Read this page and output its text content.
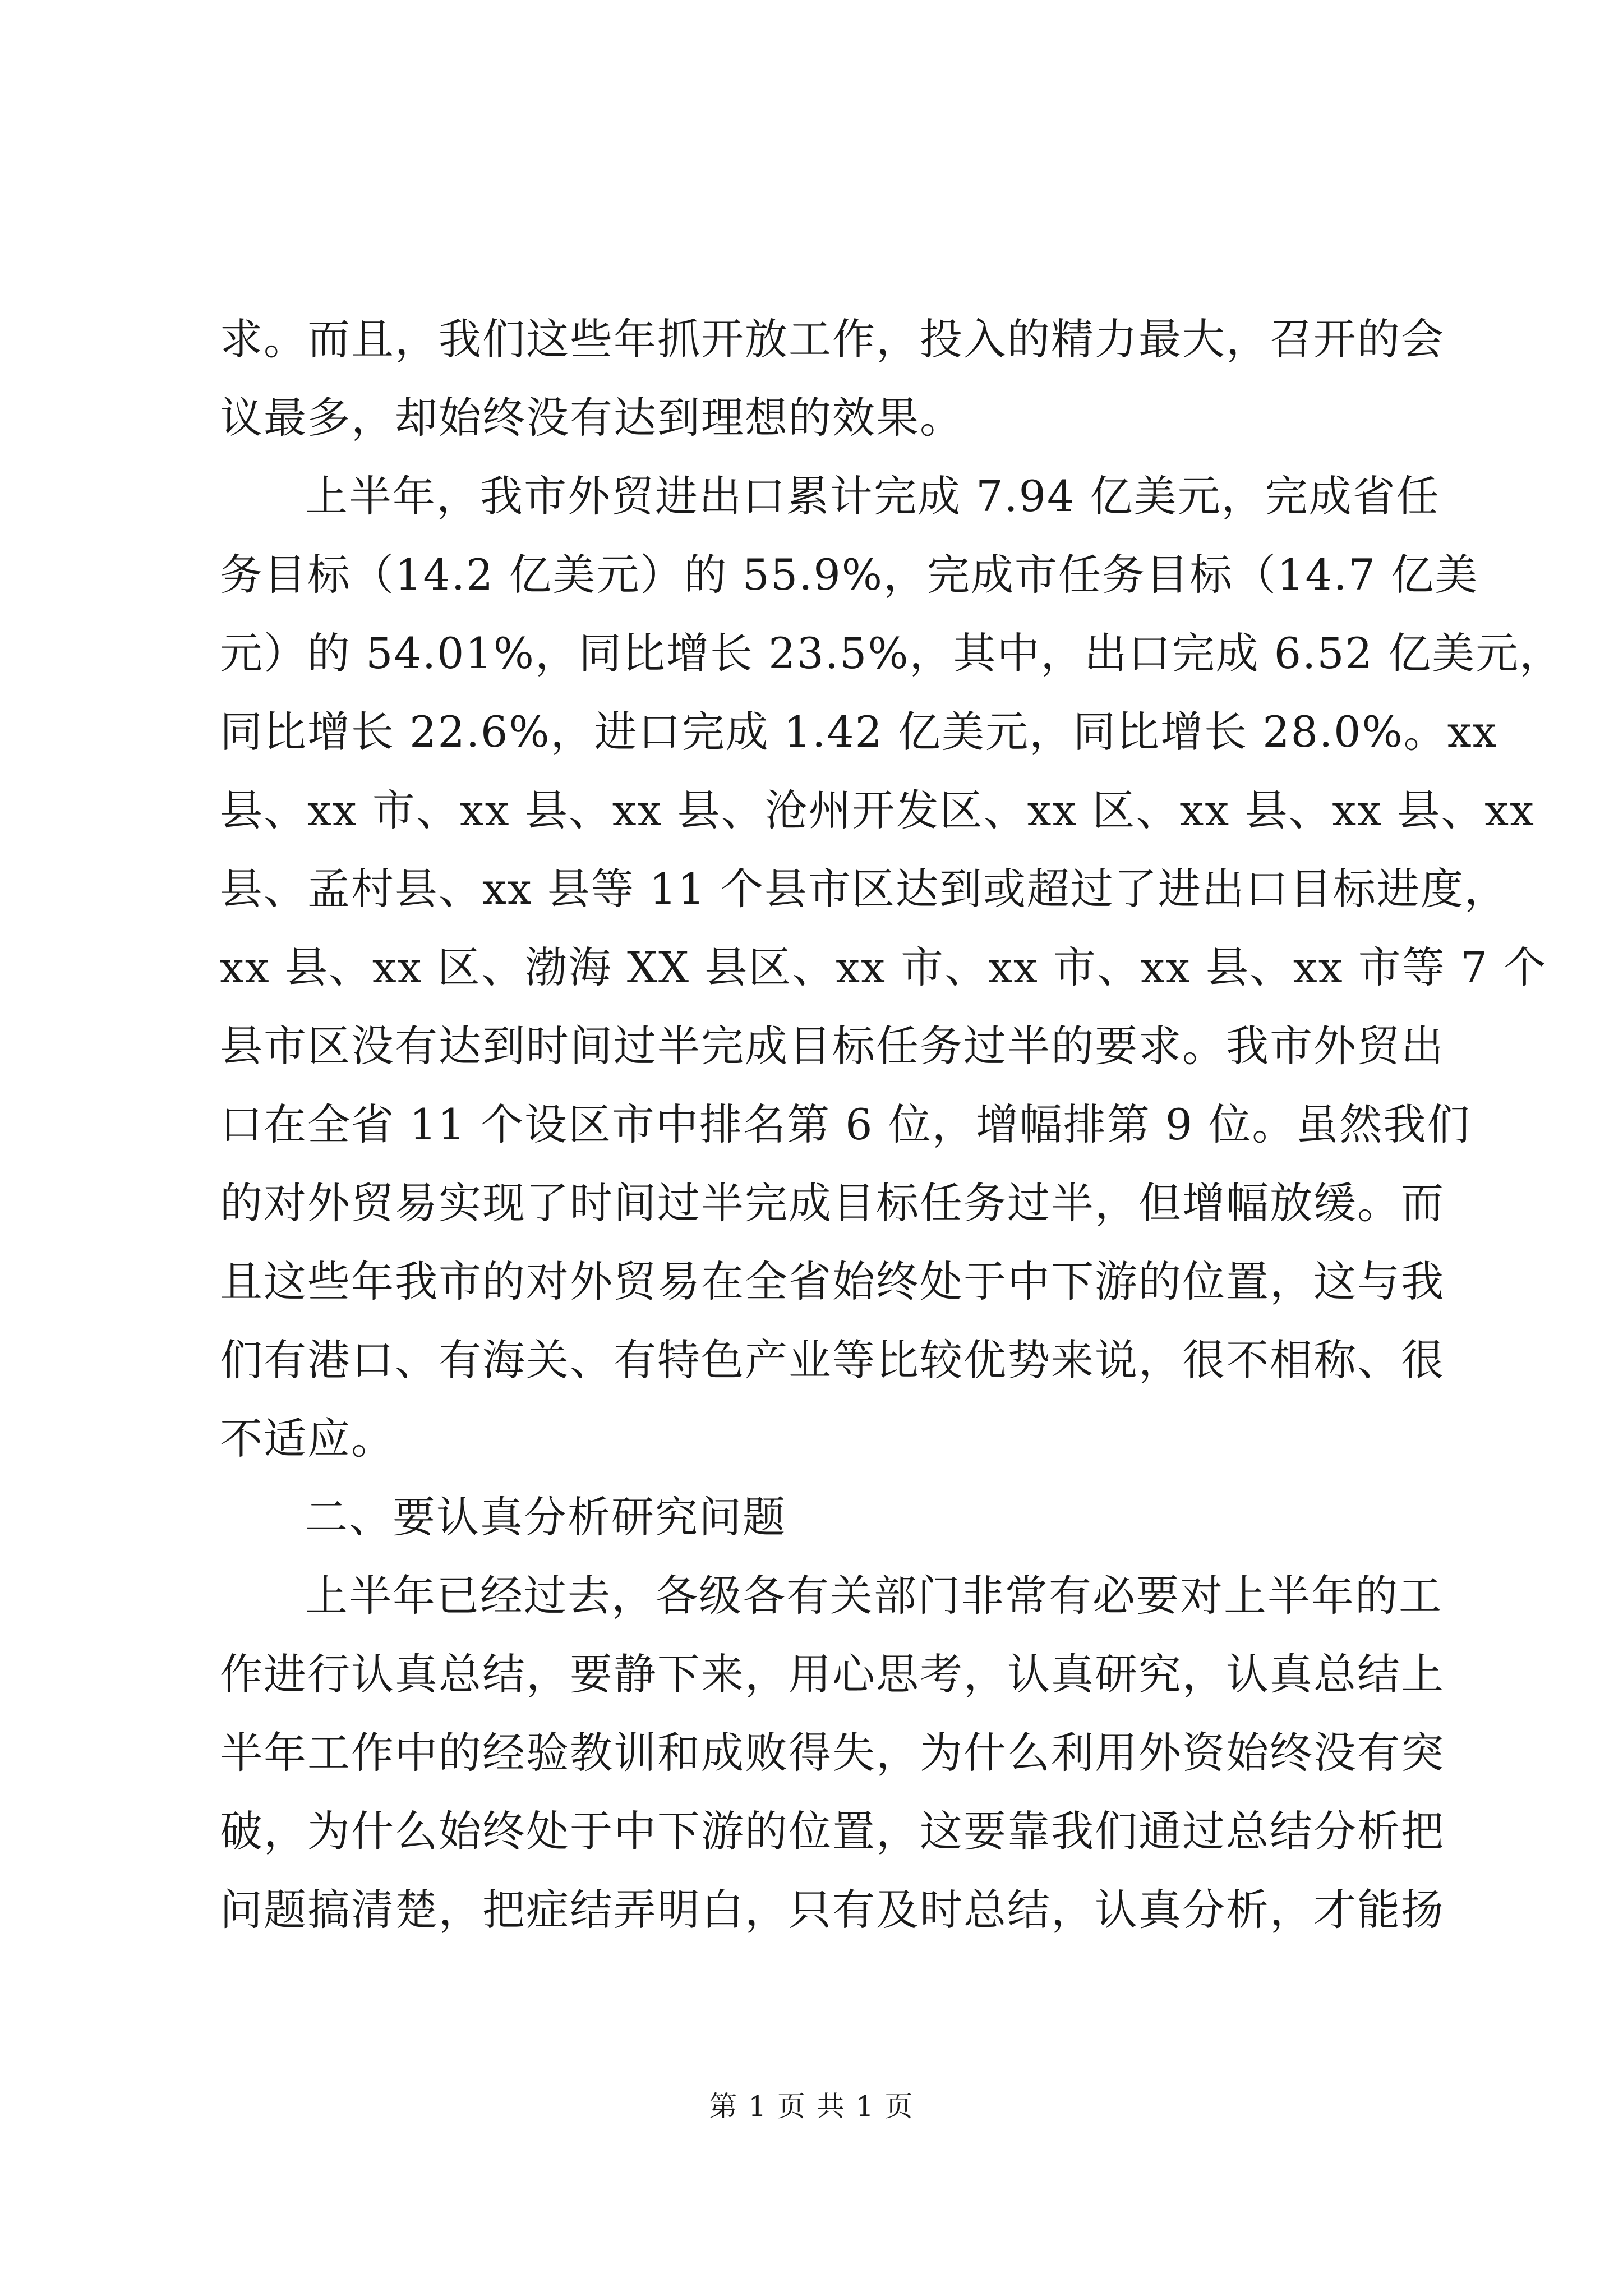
求。而且，我们这些年抓开放工作，投入的精力最大，召开的会
议最多，却始终没有达到理想的效果。
上半年，我市外贸进出口累计完成 7.94 亿美元，完成省任
务目标（14.2 亿美元）的 55.9%，完成市任务目标（14.7 亿美
元）的 54.01%，同比增长 23.5%，其中，出口完成 6.52 亿美元，
同比增长 22.6%，进口完成 1.42 亿美元，同比增长 28.0%。xx
县、xx 市、xx 县、xx 县、沧州开发区、xx 区、xx 县、xx 县、xx
县、孟村县、xx 县等 11 个县市区达到或超过了进出口目标进度，
xx 县、xx 区、渤海 XX 县区、xx 市、xx 市、xx 县、xx 市等 7 个
县市区没有达到时间过半完成目标任务过半的要求。我市外贸出
口在全省 11 个设区市中排名第 6 位，增幅排第 9 位。虽然我们
的对外贸易实现了时间过半完成目标任务过半，但增幅放缓。而
且这些年我市的对外贸易在全省始终处于中下游的位置，这与我
们有港口、有海关、有特色产业等比较优势来说，很不相称、很
不适应。
二、要认真分析研究问题
上半年已经过去，各级各有关部门非常有必要对上半年的工
作进行认真总结，要静下来，用心思考，认真研究，认真总结上
半年工作中的经验教训和成败得失，为什么利用外资始终没有突
破，为什么始终处于中下游的位置，这要靠我们通过总结分析把
问题搞清楚，把症结弄明白，只有及时总结，认真分析，才能扬
第 1 页 共 1 页
